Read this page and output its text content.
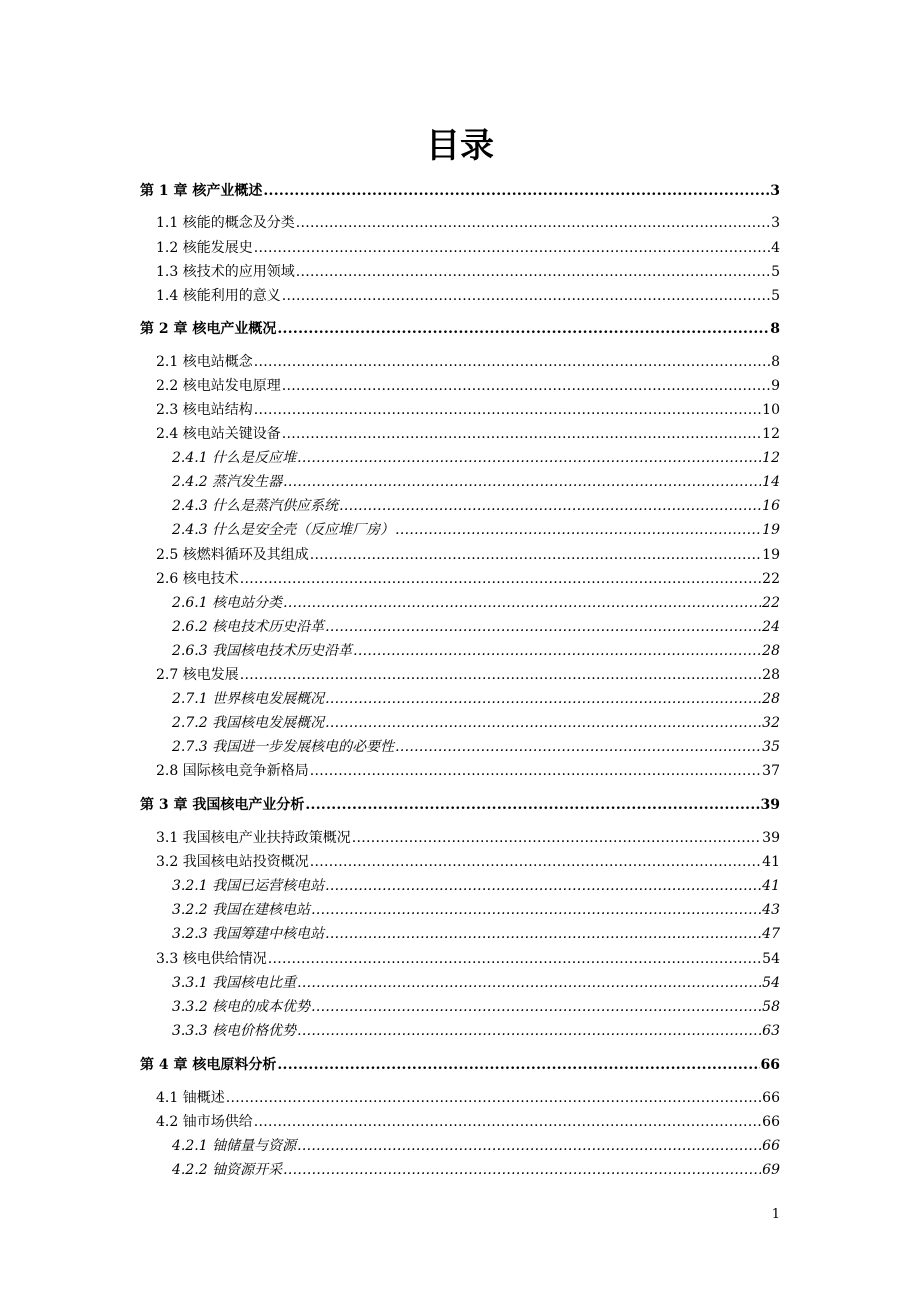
目录
第 1 章 核产业概述 .....	3
1.1 核能的概念及分类 .....	3
1.2 核能发展史 .....	4
1.3 核技术的应用领域 .....	5
1.4 核能利用的意义 .....	5
第 2 章 核电产业概况 .....	8
2.1 核电站概念 .....	8
2.2 核电站发电原理 .....	9
2.3 核电站结构 .....	10
2.4 核电站关键设备 .....	12
2.4.1 什么是反应堆 .....	12
2.4.2 蒸汽发生器 .....	14
2.4.3 什么是蒸汽供应系统 .....	16
2.4.3 什么是安全壳（反应堆厂房） .....	19
2.5 核燃料循环及其组成 .....	19
2.6 核电技术 .....	22
2.6.1 核电站分类 .....	22
2.6.2 核电技术历史沿革 .....	24
2.6.3 我国核电技术历史沿革 .....	28
2.7 核电发展 .....	28
2.7.1 世界核电发展概况 .....	28
2.7.2 我国核电发展概况 .....	32
2.7.3 我国进一步发展核电的必要性 .....	35
2.8 国际核电竞争新格局 .....	37
第 3 章 我国核电产业分析 .....	39
3.1 我国核电产业扶持政策概况 .....	39
3.2 我国核电站投资概况 .....	41
3.2.1 我国已运营核电站 .....	41
3.2.2 我国在建核电站 .....	43
3.2.3 我国筹建中核电站 .....	47
3.3 核电供给情况 .....	54
3.3.1 我国核电比重 .....	54
3.3.2 核电的成本优势 .....	58
3.3.3 核电价格优势 .....	63
第 4 章 核电原料分析 .....	66
4.1 铀概述 .....	66
4.2 铀市场供给 .....	66
4.2.1 铀储量与资源 .....	66
4.2.2 铀资源开采 .....	69
1
